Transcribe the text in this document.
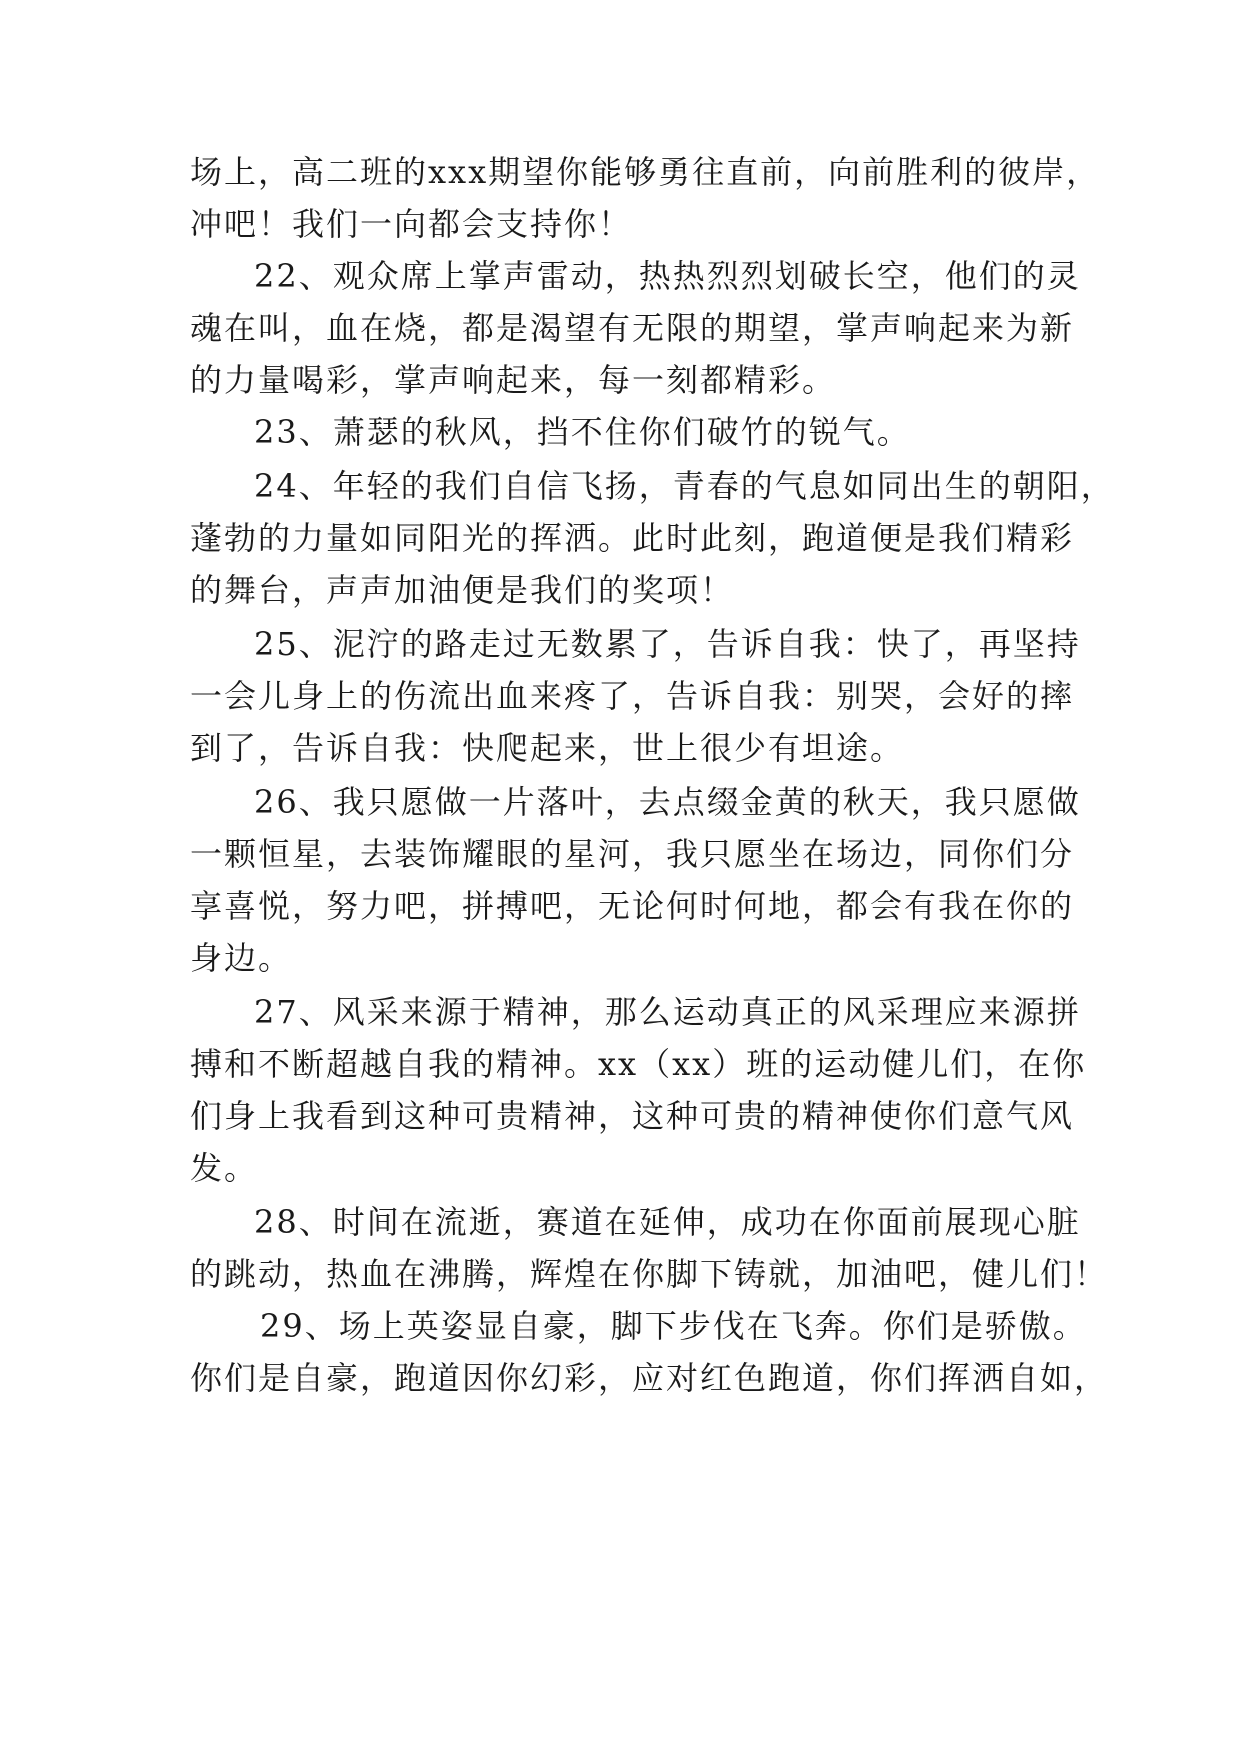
场上，高二班的xxx期望你能够勇往直前，向前胜利的彼岸，
冲吧！我们一向都会支持你！
22、观众席上掌声雷动，热热烈烈划破长空，他们的灵
魂在叫，血在烧，都是渴望有无限的期望，掌声响起来为新
的力量喝彩，掌声响起来，每一刻都精彩。
23、萧瑟的秋风，挡不住你们破竹的锐气。
24、年轻的我们自信飞扬，青春的气息如同出生的朝阳，
蓬勃的力量如同阳光的挥洒。此时此刻，跑道便是我们精彩
的舞台，声声加油便是我们的奖项！
25、泥泞的路走过无数累了，告诉自我：快了，再坚持
一会儿身上的伤流出血来疼了，告诉自我：别哭，会好的摔
到了，告诉自我：快爬起来，世上很少有坦途。
26、我只愿做一片落叶，去点缀金黄的秋天，我只愿做
一颗恒星，去装饰耀眼的星河，我只愿坐在场边，同你们分
享喜悦，努力吧，拼搏吧，无论何时何地，都会有我在你的
身边。
27、风采来源于精神，那么运动真正的风采理应来源拼
搏和不断超越自我的精神。xx（xx）班的运动健儿们，在你
们身上我看到这种可贵精神，这种可贵的精神使你们意气风
发。
28、时间在流逝，赛道在延伸，成功在你面前展现心脏
的跳动，热血在沸腾，辉煌在你脚下铸就，加油吧，健儿们！
29、场上英姿显自豪，脚下步伐在飞奔。你们是骄傲。
你们是自豪，跑道因你幻彩，应对红色跑道，你们挥洒自如，
